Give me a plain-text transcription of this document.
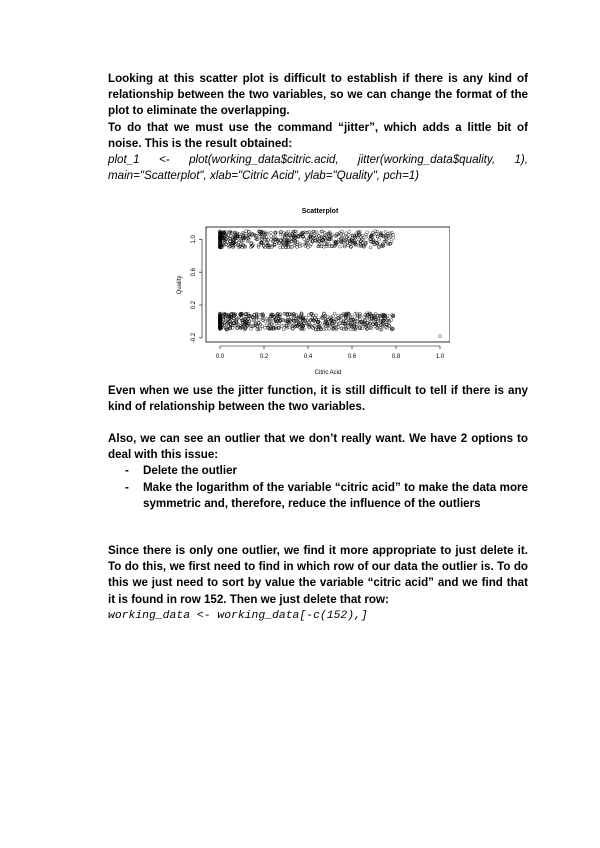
Looking at this scatter plot is difficult to establish if there is any kind of relationship between the two variables, so we can change the format of the plot to eliminate the overlapping.

To do that we must use the command “jitter”, which adds a little bit of noise. This is the result obtained:

plot_1 <- plot(working_data$citric.acid, jitter(working_data$quality, 1), main="Scatterplot", xlab="Citric Acid", ylab="Quality", pch=1)

Scatterplot
0.0	0.2	0.4	0.6	0.8	1.0
-0.2
0.2
0.6
1.0
Citric Acid
Quality

Even when we use the jitter function, it is still difficult to tell if there is any kind of relationship between the two variables.

Also, we can see an outlier that we don’t really want. We have 2 options to deal with this issue:

- Delete the outlier
- Make the logarithm of the variable “citric acid” to make the data more symmetric and, therefore, reduce the influence of the outliers

Since there is only one outlier, we find it more appropriate to just delete it. To do this, we first need to find in which row of our data the outlier is. To do this we just need to sort by value the variable “citric acid” and we find that it is found in row 152. Then we just delete that row:

working_data <- working_data[-c(152),]
